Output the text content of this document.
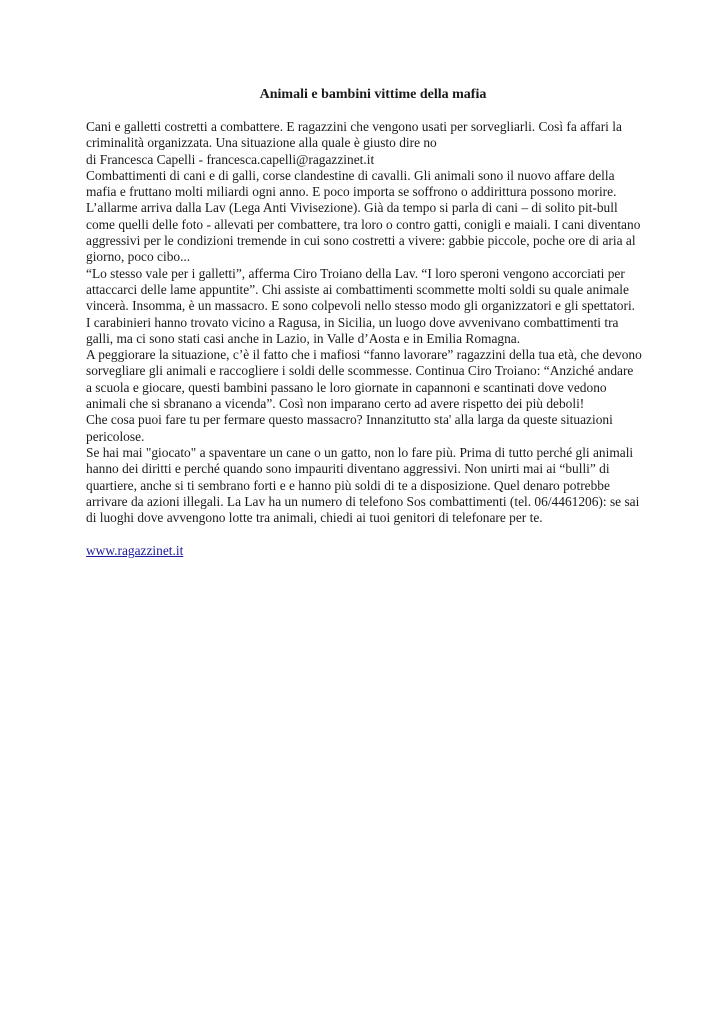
Animali e bambini vittime della mafia

Cani e galletti costretti a combattere. E ragazzini che vengono usati per sorvegliarli. Così fa affari la criminalità organizzata. Una situazione alla quale è giusto dire no

di Francesca Capelli - francesca.capelli@ragazzinet.it

Combattimenti di cani e di galli, corse clandestine di cavalli. Gli animali sono il nuovo affare della mafia e fruttano molti miliardi ogni anno. E poco importa se soffrono o addirittura possono morire. L’allarme arriva dalla Lav (Lega Anti Vivisezione). Già da tempo si parla di cani – di solito pit-bull come quelli delle foto - allevati per combattere, tra loro o contro gatti, conigli e maiali. I cani diventano aggressivi per le condizioni tremende in cui sono costretti a vivere: gabbie piccole, poche ore di aria al giorno, poco cibo...

“Lo stesso vale per i galletti”, afferma Ciro Troiano della Lav. “I loro speroni vengono accorciati per attaccarci delle lame appuntite”. Chi assiste ai combattimenti scommette molti soldi su quale animale vincerà. Insomma, è un massacro. E sono colpevoli nello stesso modo gli organizzatori e gli spettatori. I carabinieri hanno trovato vicino a Ragusa, in Sicilia, un luogo dove avvenivano combattimenti tra galli, ma ci sono stati casi anche in Lazio, in Valle d’Aosta e in Emilia Romagna.

A peggiorare la situazione, c’è il fatto che i mafiosi “fanno lavorare” ragazzini della tua età, che devono sorvegliare gli animali e raccogliere i soldi delle scommesse. Continua Ciro Troiano: “Anziché andare a scuola e giocare, questi bambini passano le loro giornate in capannoni e scantinati dove vedono animali che si sbranano a vicenda”. Così non imparano certo ad avere rispetto dei più deboli!

Che cosa puoi fare tu per fermare questo massacro? Innanzitutto sta' alla larga da queste situazioni pericolose.

Se hai mai "giocato" a spaventare un cane o un gatto, non lo fare più. Prima di tutto perché gli animali hanno dei diritti e perché quando sono impauriti diventano aggressivi. Non unirti mai ai “bulli” di quartiere, anche si ti sembrano forti e e hanno più soldi di te a disposizione. Quel denaro potrebbe arrivare da azioni illegali. La Lav ha un numero di telefono Sos combattimenti (tel. 06/4461206): se sai di luoghi dove avvengono lotte tra animali, chiedi ai tuoi genitori di telefonare per te.

www.ragazzinet.it
